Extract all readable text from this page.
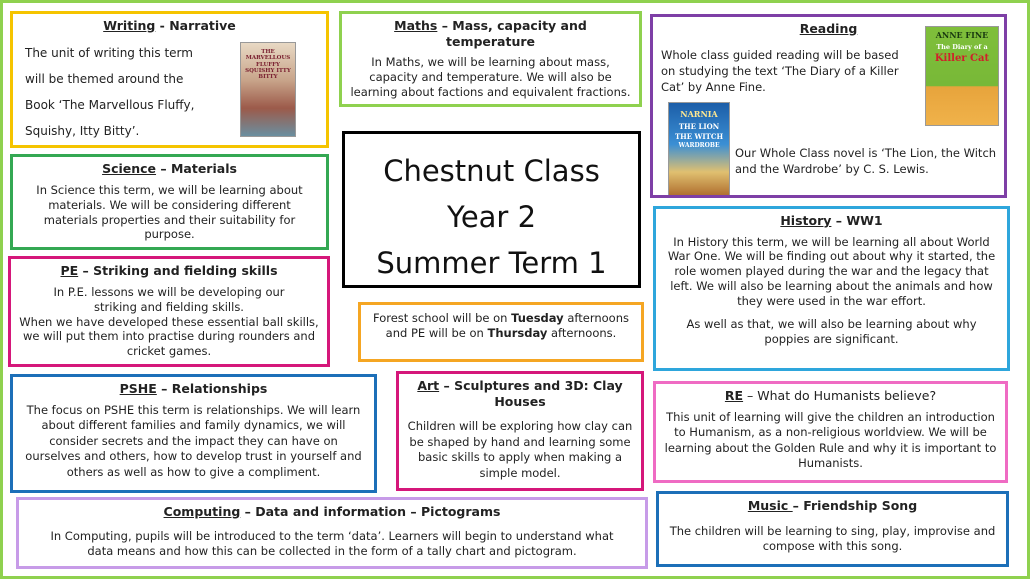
Writing - Narrative
The unit of writing this term
will be themed around the
Book ‘The Marvellous Fluffy,
Squishy, Itty Bitty’.
THE MARVELLOUS FLUFFY SQUISHY ITTY BITTY
Maths – Mass, capacity and temperature

In Maths, we will be learning about mass, capacity and temperature. We will also be learning about factions and equivalent fractions.

Reading

Whole class guided reading will be based on studying the text ‘The Diary of a Killer Cat’ by Anne Fine.

Our Whole Class novel is ‘The Lion, the Witch and the Wardrobe’ by C. S. Lewis.

ANNE FINE
The Diary of a
Killer Cat
NARNIA
THE LION
THE WITCH
WARDROBE
Chestnut Class
Year 2
Summer Term 1
Science – Materials

In Science this term, we will be learning about materials. We will be considering different materials properties and their suitability for purpose.

PE – Striking and fielding skills

In P.E. lessons we will be developing our striking and fielding skills.

When we have developed these essential ball skills, we will put them into practise during rounders and cricket games.

Forest school will be on Tuesday afternoons and PE will be on Thursday afternoons.
History – WW1

In History this term, we will be learning all about World War One. We will be finding out about why it started, the role women played during the war and the legacy that left. We will also be learning about the animals and how they were used in the war effort.

As well as that, we will also be learning about why poppies are significant.

PSHE – Relationships

The focus on PSHE this term is relationships. We will learn about different families and family dynamics, we will consider secrets and the impact they can have on ourselves and others, how to develop trust in yourself and others as well as how to give a compliment.

Art – Sculptures and 3D: Clay Houses

Children will be exploring how clay can be shaped by hand and learning some basic skills to apply when making a simple model.

RE – What do Humanists believe?

This unit of learning will give the children an introduction to Humanism, as a non-religious worldview. We will be learning about the Golden Rule and why it is important to Humanists.

Computing – Data and information – Pictograms

In Computing, pupils will be introduced to the term ‘data’. Learners will begin to understand what data means and how this can be collected in the form of a tally chart and pictogram.

Music – Friendship Song

The children will be learning to sing, play, improvise and compose with this song.
